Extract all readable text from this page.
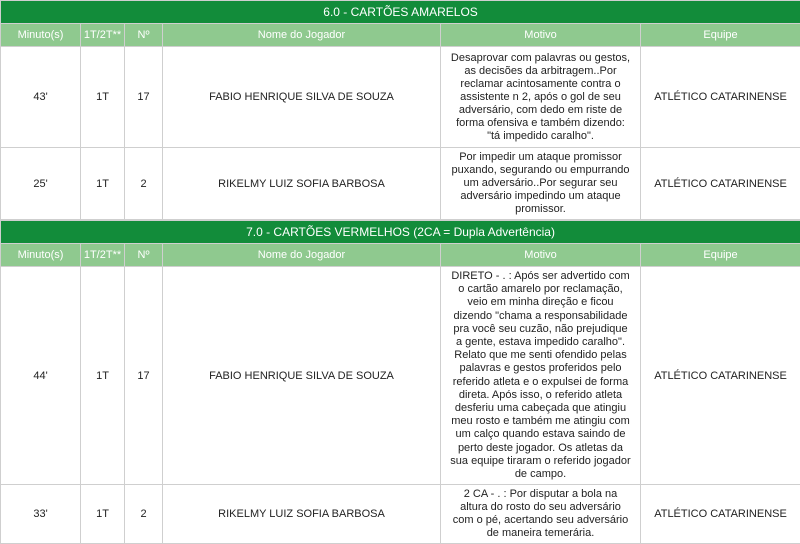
6.0 - CARTÕES AMARELOS					
Minuto(s)	1T/2T**	Nº	Nome do Jogador	Motivo	Equipe
43'	1T	17	FABIO HENRIQUE SILVA DE SOUZA	Desaprovar com palavras ou gestos, as decisões da arbitragem..Por reclamar acintosamente contra o assistente n 2, após o gol de seu adversário, com dedo em riste de forma ofensiva e também dizendo: "tá impedido caralho".	ATLÉTICO CATARINENSE
25'	1T	2	RIKELMY LUIZ SOFIA BARBOSA	Por impedir um ataque promissor puxando, segurando ou empurrando um adversário..Por segurar seu adversário impedindo um ataque promissor.	ATLÉTICO CATARINENSE
7.0 - CARTÕES VERMELHOS (2CA = Dupla Advertência)					
Minuto(s)	1T/2T**	Nº	Nome do Jogador	Motivo	Equipe
44'	1T	17	FABIO HENRIQUE SILVA DE SOUZA	DIRETO - . : Após ser advertido com o cartão amarelo por reclamação, veio em minha direção e ficou dizendo "chama a responsabilidade pra você seu cuzão, não prejudique a gente, estava impedido caralho". Relato que me senti ofendido pelas palavras e gestos proferidos pelo referido atleta e o expulsei de forma direta. Após isso, o referido atleta desferiu uma cabeçada que atingiu meu rosto e também me atingiu com um calço quando estava saindo de perto deste jogador. Os atletas da sua equipe tiraram o referido jogador de campo.	ATLÉTICO CATARINENSE
33'	1T	2	RIKELMY LUIZ SOFIA BARBOSA	2 CA - . : Por disputar a bola na altura do rosto do seu adversário com o pé, acertando seu adversário de maneira temerária.	ATLÉTICO CATARINENSE
